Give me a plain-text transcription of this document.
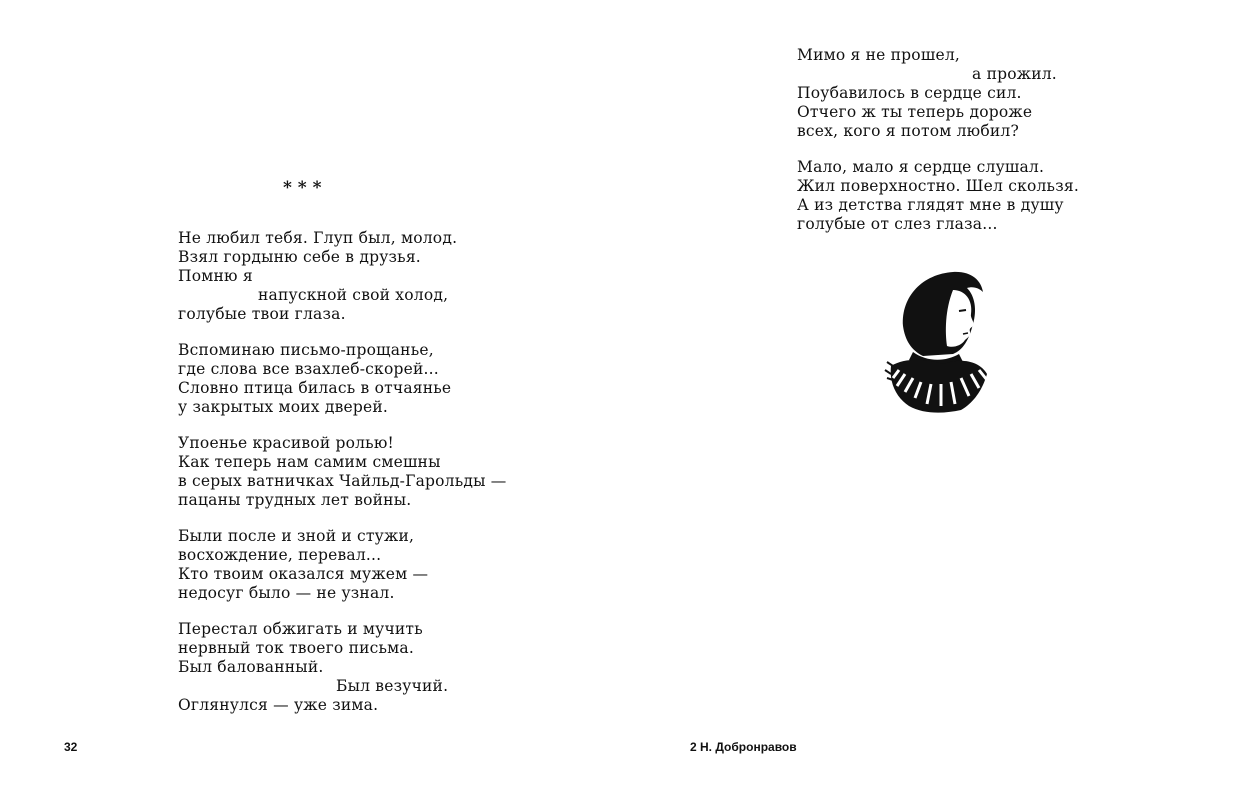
* * *
Не любил тебя. Глуп был, молод.
Взял гордыню себе в друзья.
Помню я
напускной свой холод,
голубые твои глаза.
Вспоминаю письмо-прощанье,
где слова все взахлеб-скорей...
Словно птица билась в отчаянье
у закрытых моих дверей.
Упоенье красивой ролью!
Как теперь нам самим смешны
в серых ватничках Чайльд-Гарольды —
пацаны трудных лет войны.
Были после и зной и стужи,
восхождение, перевал...
Кто твоим оказался мужем —
недосуг было — не узнал.
Перестал обжигать и мучить
нервный ток твоего письма.
Был балованный.
Был везучий.
Оглянулся — уже зима.
32
Мимо я не прошел,
а прожил.
Поубавилось в сердце сил.
Отчего ж ты теперь дороже
всех, кого я потом любил?
Мало, мало я сердце слушал.
Жил поверхностно. Шел скользя.
А из детства глядят мне в душу
голубые от слез глаза...
2 Н. Добронравов
